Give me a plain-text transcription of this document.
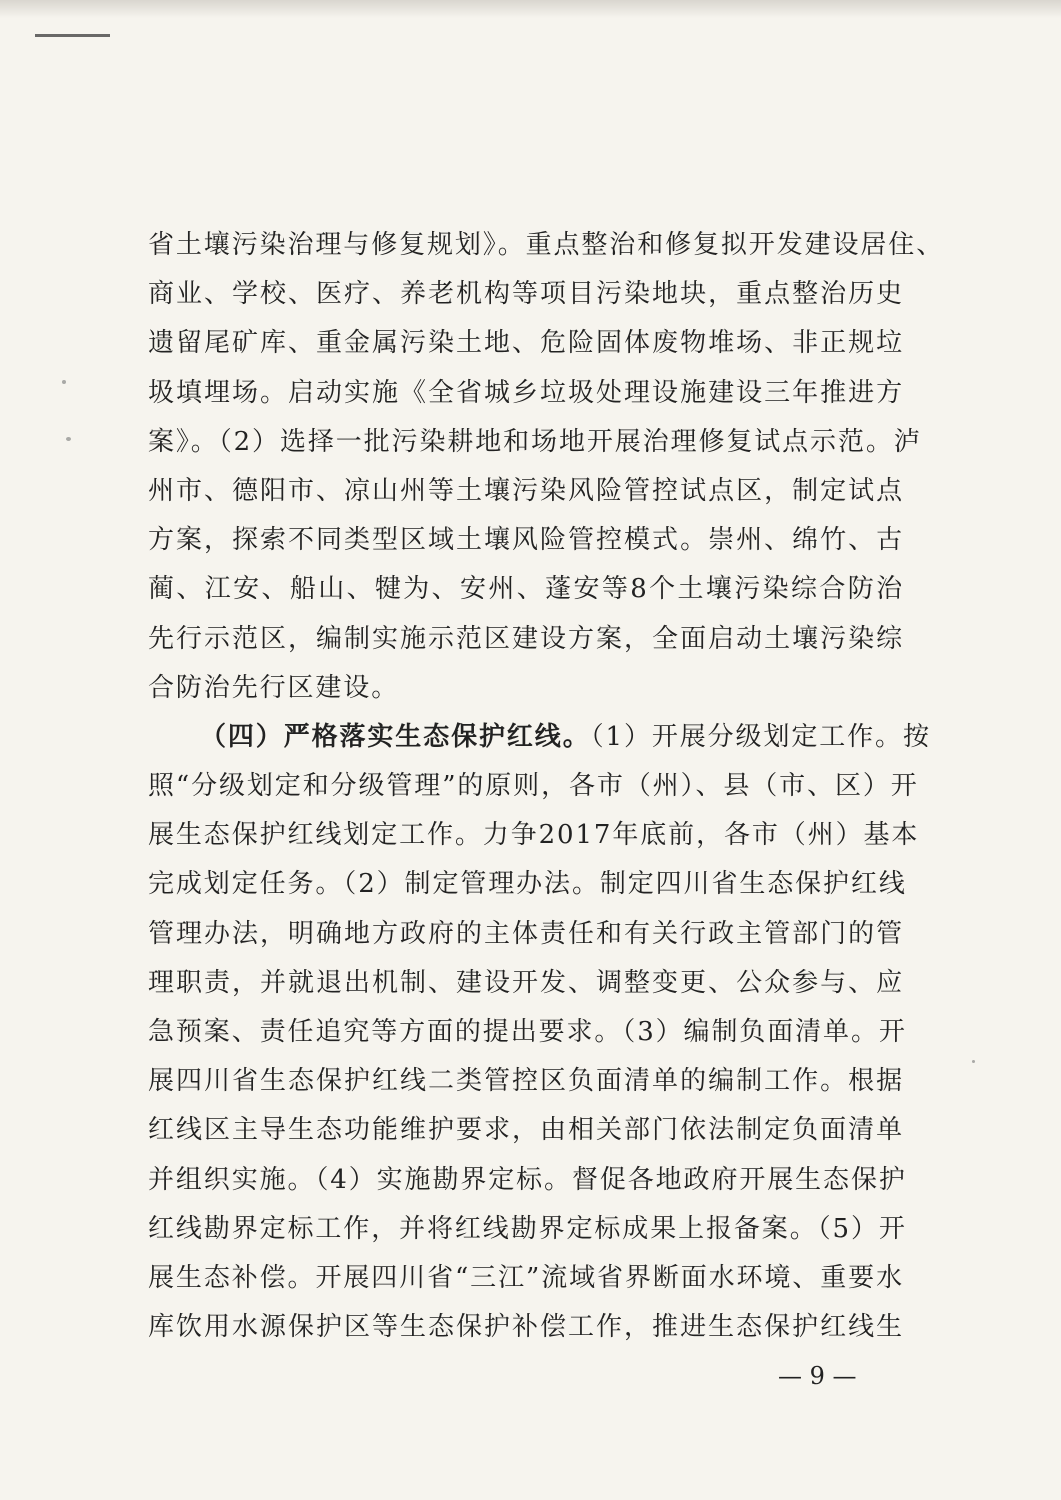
省土壤污染治理与修复规划》。重点整治和修复拟开发建设居住、
商业、学校、医疗、养老机构等项目污染地块，重点整治历史
遗留尾矿库、重金属污染土地、危险固体废物堆场、非正规垃
圾填埋场。启动实施《全省城乡垃圾处理设施建设三年推进方
案》。（2）选择一批污染耕地和场地开展治理修复试点示范。泸
州市、德阳市、凉山州等土壤污染风险管控试点区，制定试点
方案，探索不同类型区域土壤风险管控模式。崇州、绵竹、古
蔺、江安、船山、犍为、安州、蓬安等8个土壤污染综合防治
先行示范区，编制实施示范区建设方案，全面启动土壤污染综
合防治先行区建设。
（四）严格落实生态保护红线。（1）开展分级划定工作。按
照“分级划定和分级管理”的原则，各市（州）、县（市、区）开
展生态保护红线划定工作。力争2017年底前，各市（州）基本
完成划定任务。（2）制定管理办法。制定四川省生态保护红线
管理办法，明确地方政府的主体责任和有关行政主管部门的管
理职责，并就退出机制、建设开发、调整变更、公众参与、应
急预案、责任追究等方面的提出要求。（3）编制负面清单。开
展四川省生态保护红线二类管控区负面清单的编制工作。根据
红线区主导生态功能维护要求，由相关部门依法制定负面清单
并组织实施。（4）实施勘界定标。督促各地政府开展生态保护
红线勘界定标工作，并将红线勘界定标成果上报备案。（5）开
展生态补偿。开展四川省“三江”流域省界断面水环境、重要水
库饮用水源保护区等生态保护补偿工作，推进生态保护红线生
— 9 —
